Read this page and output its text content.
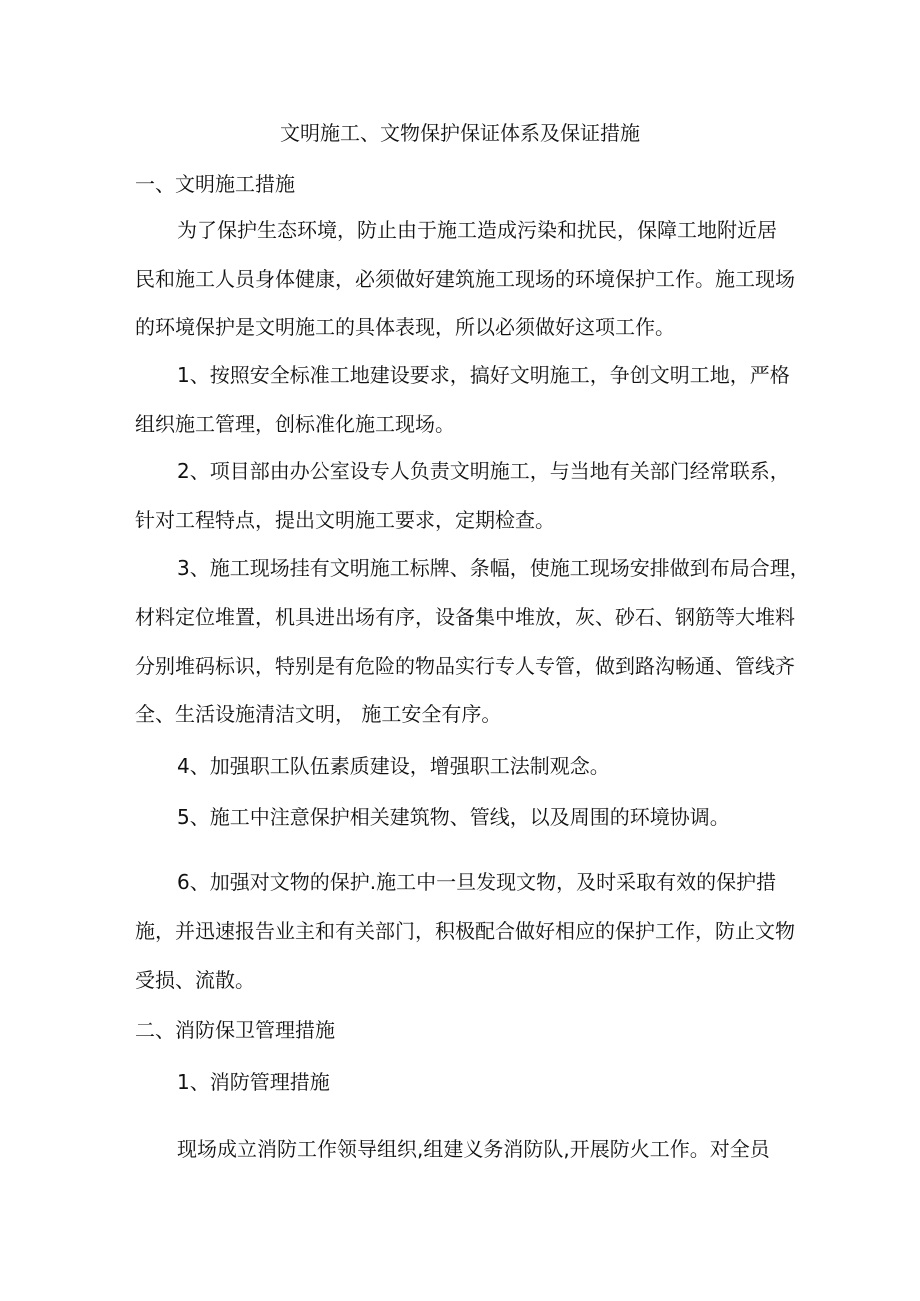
文明施工、文物保护保证体系及保证措施
一、文明施工措施
为了保护生态环境，防止由于施工造成污染和扰民，保障工地附近居
民和施工人员身体健康，必须做好建筑施工现场的环境保护工作。施工现场
的环境保护是文明施工的具体表现，所以必须做好这项工作。
1、按照安全标准工地建设要求，搞好文明施工，争创文明工地，严格
组织施工管理，创标准化施工现场。
2、项目部由办公室设专人负责文明施工，与当地有关部门经常联系，
针对工程特点，提出文明施工要求，定期检查。
3、施工现场挂有文明施工标牌、条幅，使施工现场安排做到布局合理，
材料定位堆置，机具进出场有序，设备集中堆放，灰、砂石、钢筋等大堆料
分别堆码标识，特别是有危险的物品实行专人专管，做到路沟畅通、管线齐
全、生活设施清洁文明， 施工安全有序。
4、加强职工队伍素质建设，增强职工法制观念。
5、施工中注意保护相关建筑物、管线，以及周围的环境协调。
6、加强对文物的保护.施工中一旦发现文物，及时采取有效的保护措
施，并迅速报告业主和有关部门，积极配合做好相应的保护工作，防止文物
受损、流散。
二、消防保卫管理措施
1、消防管理措施
现场成立消防工作领导组织,组建义务消防队,开展防火工作。对全员
